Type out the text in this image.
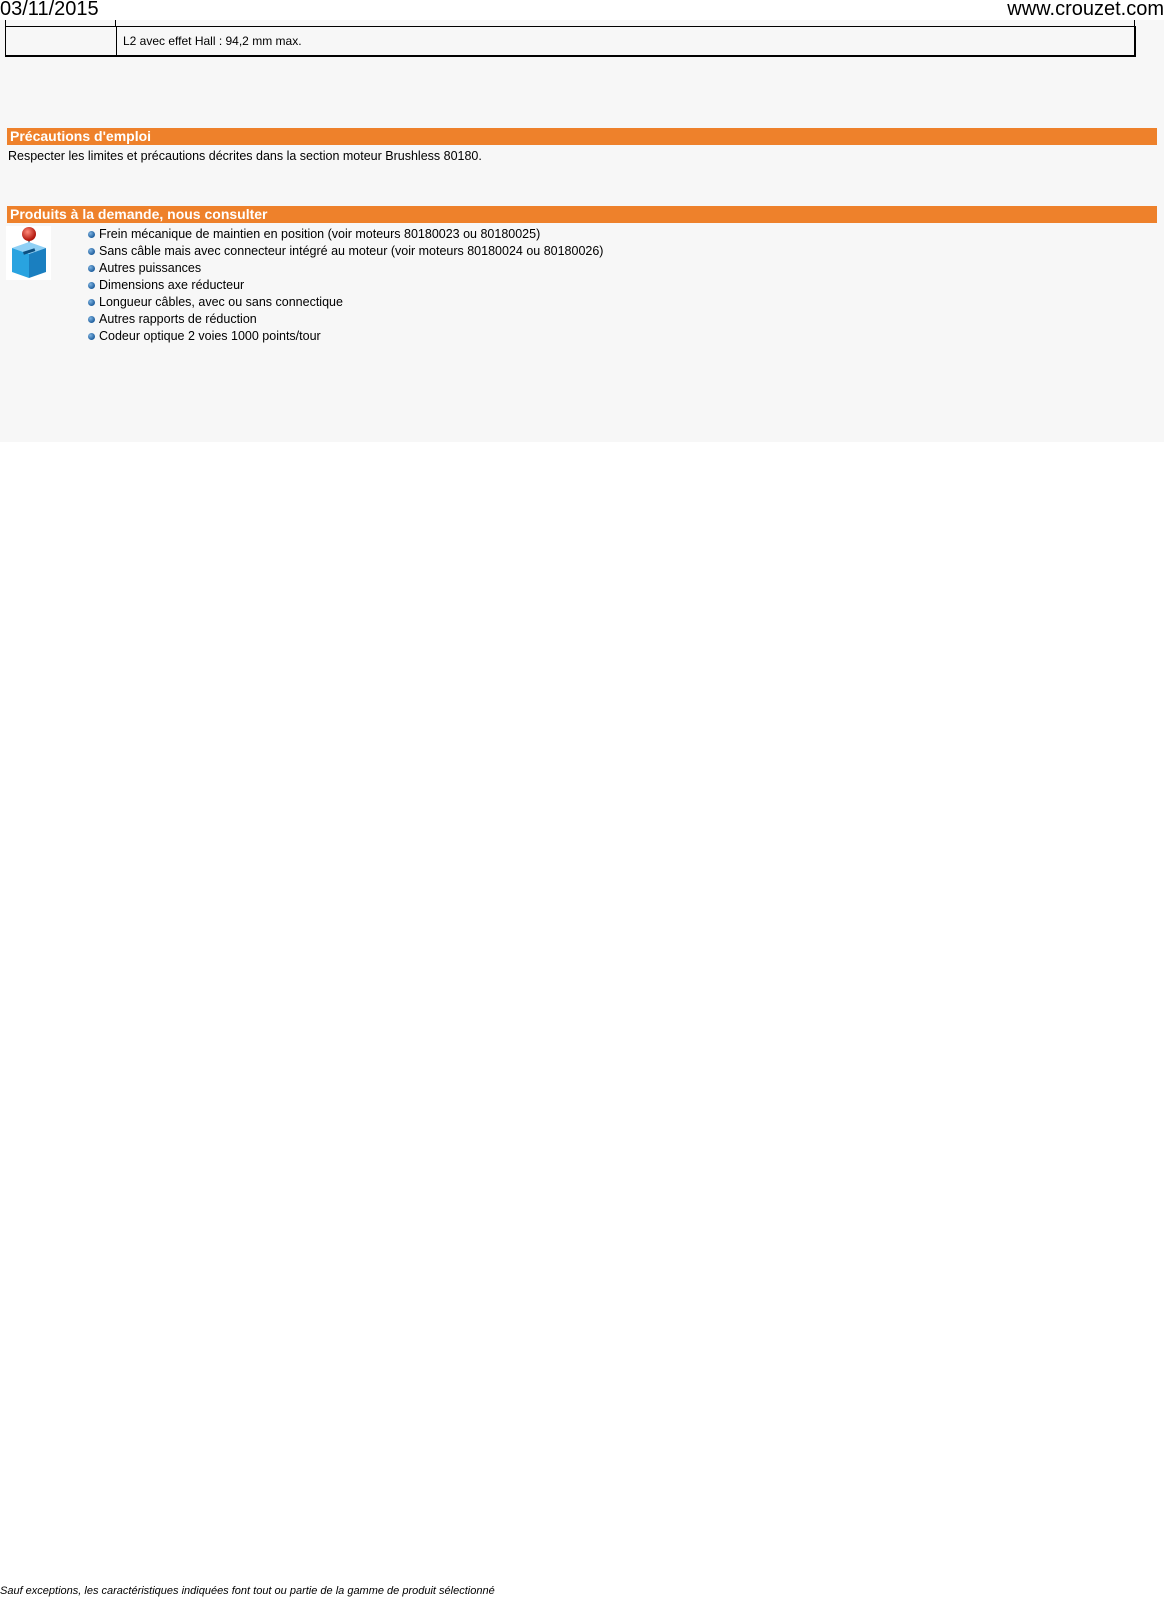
03/11/2015	www.crouzet.com
L2 avec effet Hall : 94,2 mm max.
Précautions d'emploi
Respecter les limites et précautions décrites dans la section moteur Brushless 80180.
Produits à la demande, nous consulter
Frein mécanique de maintien en position (voir moteurs 80180023 ou 80180025)
Sans câble mais avec connecteur intégré au moteur (voir moteurs 80180024 ou 80180026)
Autres puissances
Dimensions axe réducteur
Longueur câbles, avec ou sans connectique
Autres rapports de réduction
Codeur optique 2 voies 1000 points/tour
Sauf exceptions, les caractéristiques indiquées font tout ou partie de la gamme de produit sélectionné
